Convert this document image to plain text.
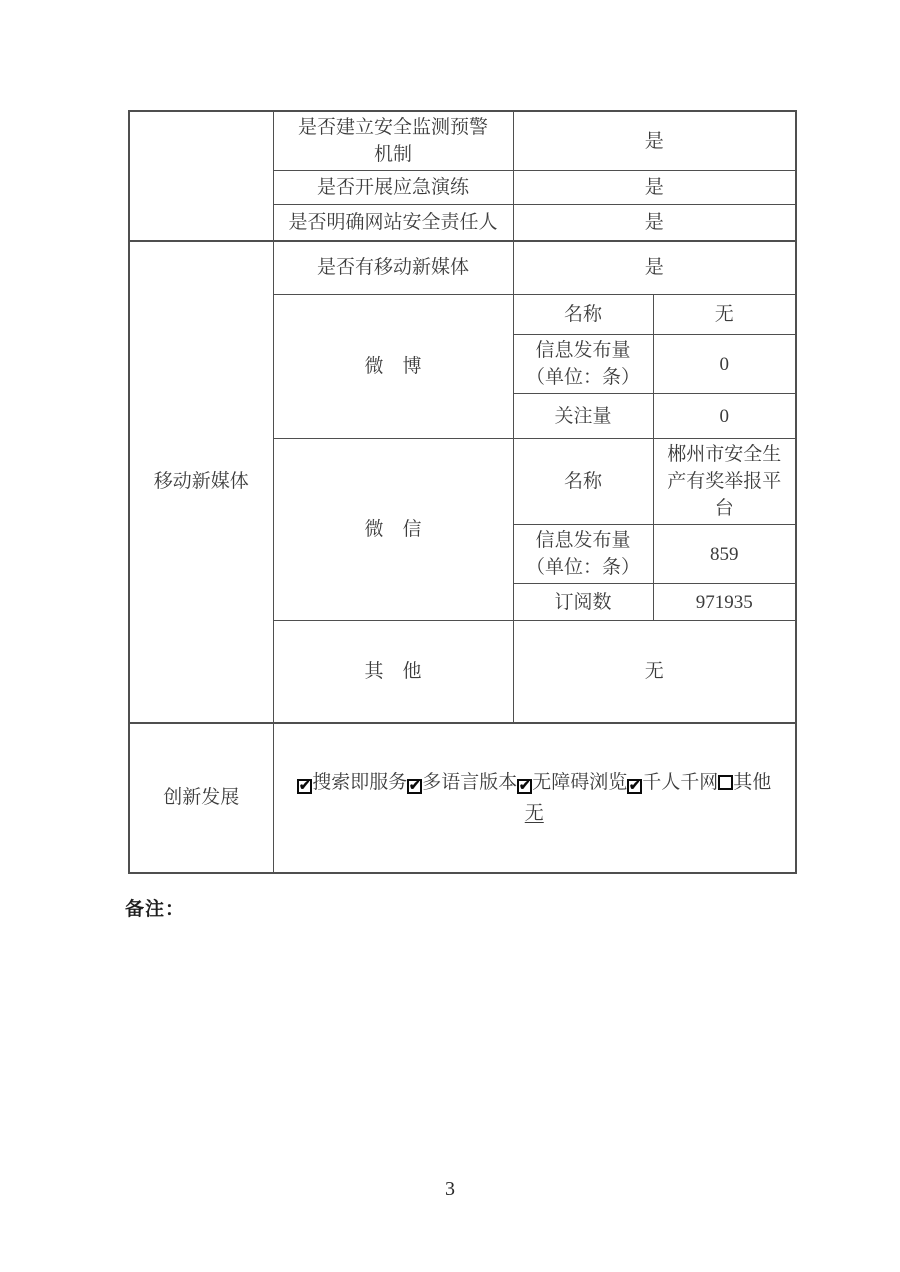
	是否建立安全监测预警
机制	是	

	是否开展应急演练	是	

	是否明确网站安全责任人	是	
移动新媒体	是否有移动新媒体	是	
	微　博	名称	无

		信息发布量
（单位：条）	0

		关注量	0
	微　信	名称	郴州市安全生产有奖举报平台

		信息发布量
（单位：条）	859

		订阅数	971935
	其　他	无	
创新发展	
✔搜索即服务 ✔ 多语言版本 ✔ 无障碍浏览 ✔ 千人千网 其他
无
备注：
3
